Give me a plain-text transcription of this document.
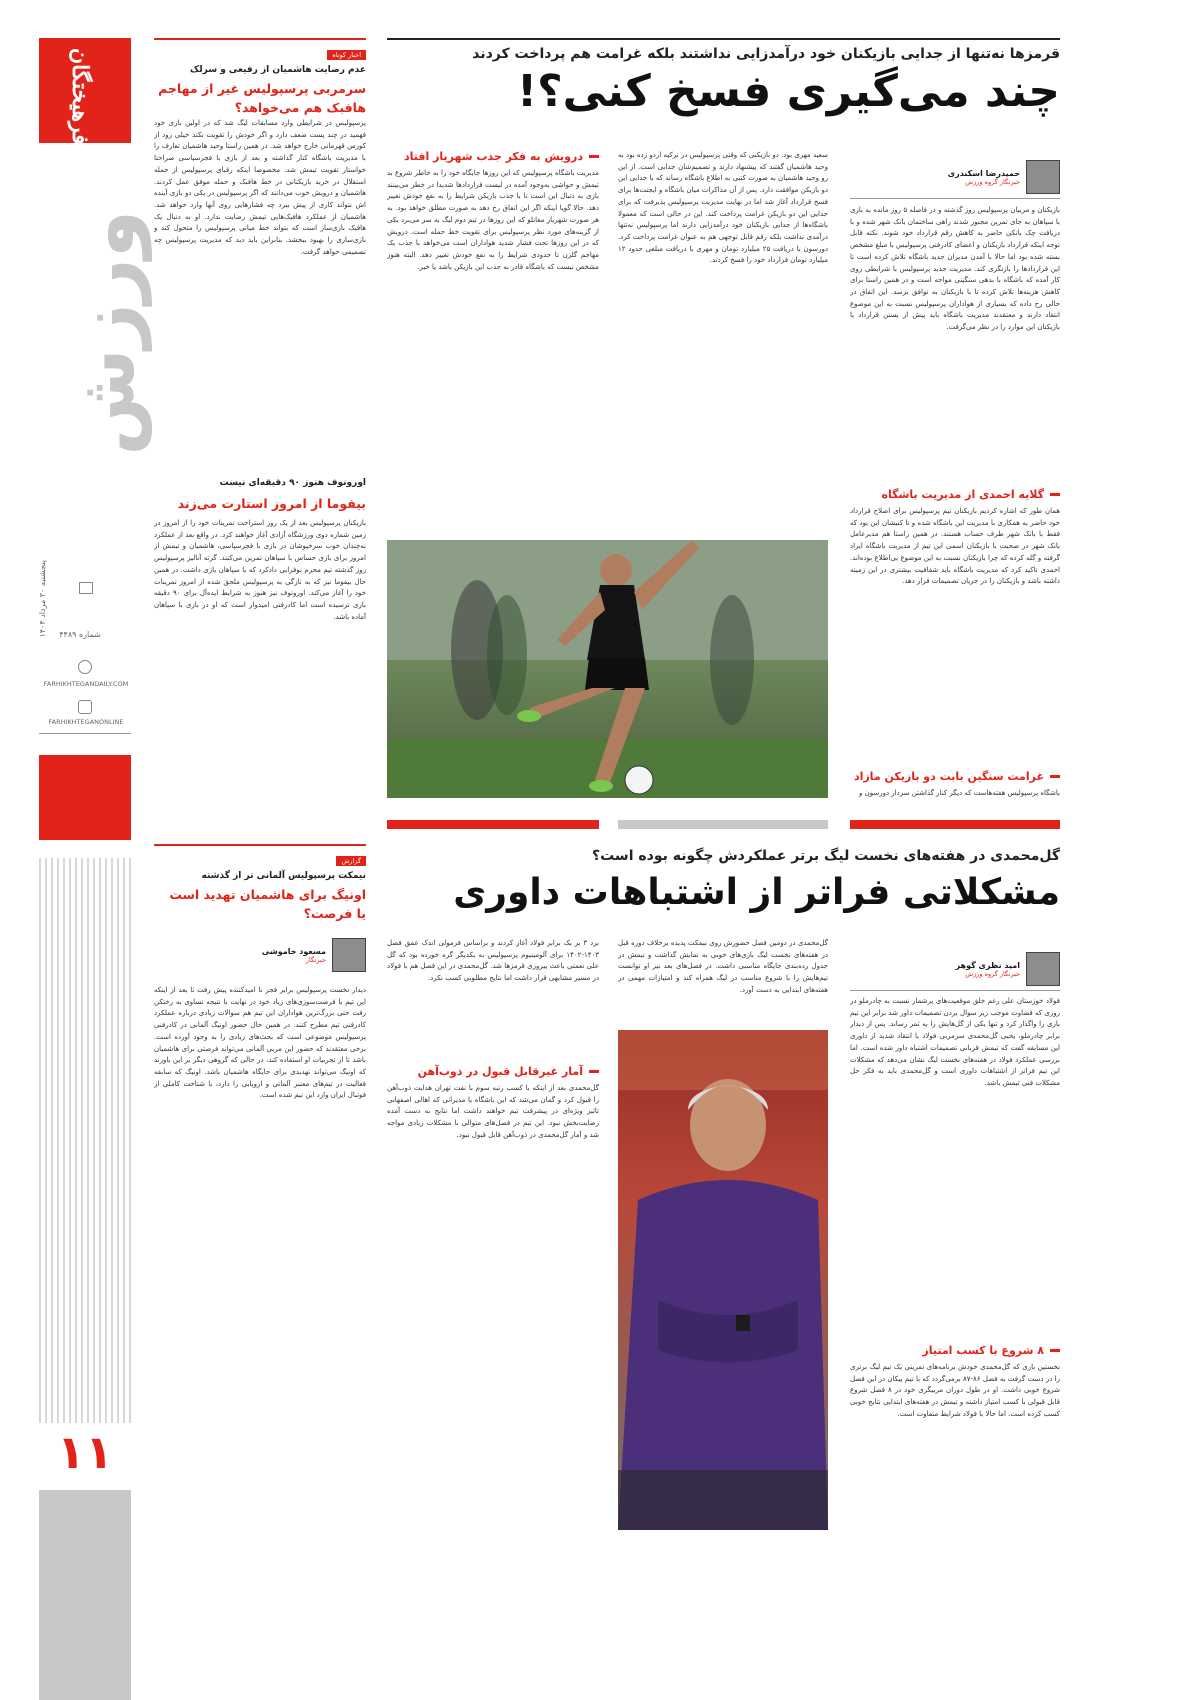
فرهیختگان
ورزش
پنجشنبه ۳۰ مرداد ۱۴۰۴
شماره ۴۴۸۹
FARHIKHTEGANDAILY.COM
FARHIKHTEGANONLINE
۱۱
اخبار کوتاه
عدم رضایت هاشمیان از رفیعی و سرلک
سرمربی پرسپولیس غیر از مهاجم
هافبک هم می‌خواهد؟
پرسپولیس در شرایطی وارد مسابقات لیگ شد که در اولین بازی خود فهمید در چند پست ضعف دارد و اگر خودش را تقویت نکند خیلی زود از کورس قهرمانی خارج خواهد شد. در همین راستا وحید هاشمیان تعارف را با مدیریت باشگاه کنار گذاشته و بعد از بازی با فجرسپاسی صراحتا خواستار تقویت تیمش شد. مخصوصا اینکه رقبای پرسپولیس از جمله استقلال در خرید بازیکنانی در خط هافبک و حمله موفق عمل کردند. هاشمیان و درویش خوب می‌دانند که اگر پرسپولیس در یکی دو بازی آینده اش نتواند کاری از پیش ببرد چه فشارهایی روی آنها وارد خواهد شد. هاشمیان از عملکرد هافبک‌هایی تیمش رضایت ندارد. او به دنبال یک هافبک بازی‌ساز است که بتواند خط میانی پرسپولیس را متحول کند و بازی‌سازی را بهبود ببخشد. بنابراین باید دید که مدیریت پرسپولیس چه تصمیمی خواهد گرفت.
اورونوف هنوز ۹۰ دقیقه‌ای نیست
بیفوما از امروز استارت می‌زند
بازیکنان پرسپولیس بعد از یک روز استراحت تمرینات خود را از امروز در زمین شماره دوی ورزشگاه آزادی آغاز خواهند کرد. در واقع بعد از عملکرد نه‌چندان خوب سرخپوشان در بازی با فجرسپاسی، هاشمیان و تیمش از امروز برای بازی حساس با سپاهان تمرین می‌کنند. گرته آنالیز پرسپولیس روز گذشته تیم محرم نوفرایی دادکرد که با سپاهان بازی داشت. در همین حال بیفوما نیز که به تازگی به پرسپولیس ملحق شده از امروز تمرینات خود را آغاز می‌کند. اورونوف نیز هنوز به شرایط ایده‌آل برای ۹۰ دقیقه بازی نرسیده است اما کادرفنی امیدوار است که او در بازی با سپاهان آماده باشد.
قرمزها نه‌تنها از جدایی بازیکنان خود درآمدزایی نداشتند بلکه غرامت هم پرداخت کردند
چند می‌گیری فسخ کنی؟!
حمیدرضا اسکندری
خبرنگار گروه ورزش
بازیکنان و مربیان پرسپولیس روز گذشته و در فاصله ۵ روز مانده به بازی با سپاهان به جای تمرین مجبور شدند راهی ساختمان بانک شهر شده و با دریافت چک بانکی حاضر به کاهش رقم قرارداد خود شوند. نکته قابل توجه اینکه قرارداد بازیکنان و اعضای کادرفنی پرسپولیس با مبلغ مشخص بسته شده بود اما حالا با آمدن مدیران جدید باشگاه تلاش کرده است تا این قراردادها را بازنگری کند. مدیریت جدید پرسپولیس با شرایطی روی کار آمده که باشگاه با بدهی سنگینی مواجه است و در همین راستا برای کاهش هزینه‌ها تلاش کرده تا با بازیکنان به توافق برسد. این اتفاق در حالی رخ داده که بسیاری از هواداران پرسپولیس نسبت به این موضوع انتقاد دارند و معتقدند مدیریت باشگاه باید پیش از بستن قرارداد با بازیکنان این موارد را در نظر می‌گرفت.
گلایه احمدی از مدیریت باشگاه
همان طور که اشاره کردیم بازیکنان تیم پرسپولیس برای اصلاح قرارداد خود حاضر به همکاری با مدیریت این باشگاه شده و تا کنیشان این بود که فقط با بانک شهر طرف حساب هستند. در همین راستا هم مدیرعامل بانک شهر در صحبت با بازیکنان اسمی این تیم از مدیریت باشگاه ایراد گرفته و گله کرده که چرا بازیکنان نسبت به این موضوع بی‌اطلاع بوده‌اند. احمدی تاکید کرد که مدیریت باشگاه باید شفافیت بیشتری در این زمینه داشته باشد و بازیکنان را در جریان تصمیمات قرار دهد.
غرامت سنگین بابت دو بازیکن مازاد
باشگاه پرسپولیس هفته‌هاست که دیگر کنار گذاشتن سردار دورسون و
سعید مهری بود. دو بازیکنی که وقتی پرسپولیس در ترکیه اردو زده بود به وحید هاشمیان گفتند که پیشنهاد دارند و تصمیم‌شان جدایی است. از این رو وحید هاشمیان به صورت کتبی به اطلاع باشگاه رساند که با جدایی این دو بازیکن موافقت دارد. پس از آن مذاکرات میان باشگاه و ایجنت‌ها برای فسخ قرارداد آغاز شد اما در نهایت مدیریت پرسپولیس پذیرفت که برای جدایی این دو بازیکن غرامت پرداخت کند. این در حالی است که معمولا باشگاه‌ها از جدایی بازیکنان خود درآمدزایی دارند اما پرسپولیس نه‌تنها درآمدی نداشت بلکه رقم قابل توجهی هم به عنوان غرامت پرداخت کرد. دورسون با دریافت ۲۵ میلیارد تومان و مهری با دریافت مبلغی حدود ۱۲ میلیارد تومان قرارداد خود را فسخ کردند.
درویش به فکر جذب شهریار افتاد
مدیریت باشگاه پرسپولیس که این روزها جایگاه خود را به خاطر شروع بد تیمش و حواشی به‌وجود آمده در لیست قراردادها شدیدا در خطر می‌بینند بازی به دنبال این است تا با جذب بازیکن شرایط را به نفع خودش تغییر دهد. حالا گویا اینکه اگر این اتفاق رخ دهد به صورت مطلق خواهد بود. به هر صورت شهریار مغانلو که این روزها در تیم دوم لیگ به سر می‌برد یکی از گزینه‌های مورد نظر پرسپولیس برای تقویت خط حمله است. درویش که در این روزها تحت فشار شدید هواداران است می‌خواهد با جذب یک مهاجم گلزن تا حدودی شرایط را به نفع خودش تغییر دهد. البته هنوز مشخص نیست که باشگاه قادر به جذب این بازیکن باشد یا خیر.
گزارش
نیمکت پرسپولیس آلمانی تر از گذشته
اونیگ برای هاشمیان تهدید است
یا فرصت؟
مسعود خاموشی
خبرنگار
دیدار نخست پرسپولیس برابر فجر نا امیدکننده پیش رفت تا بعد از اینکه این تیم با فرصت‌سوزی‌های زیاد خود در نهایت با نتیجه تساوی به رختکن رفت حتی بزرگ‌ترین هواداران این تیم هم سوالات زیادی درباره عملکرد کادرفنی تیم مطرح کنند. در همین حال حضور اونیگ آلمانی در کادرفنی پرسپولیس موضوعی است که بحث‌های زیادی را به وجود آورده است. برخی معتقدند که حضور این مربی آلمانی می‌تواند فرصتی برای هاشمیان باشد تا از تجربیات او استفاده کند، در حالی که گروهی دیگر بر این باورند که اونیگ می‌تواند تهدیدی برای جایگاه هاشمیان باشد. اونیگ که سابقه فعالیت در تیم‌های معتبر آلمانی و اروپایی را دارد، با شناخت کاملی از فوتبال ایران وارد این تیم شده است.
گل‌محمدی در هفته‌های نخست لیگ برتر عملکردش چگونه بوده است؟
مشکلاتی فراتر از اشتباهات داوری
امید نظری گوهر
خبرنگار گروه ورزش
فولاد خوزستان علی رغم خلق موقعیت‌های پرشمار نسبت به چادرملو در روزی که قضاوت موجب زیر سوال بردن تصمیمات داور شد برابر این تیم بازی را واگذار کرد و تنها یکی از گل‌هایش را به ثمر رساند. پس از دیدار برابر چادرملو، یحیی گل‌محمدی سرمربی فولاد با انتقاد شدید از داوری این مسابقه گفت که تیمش قربانی تصمیمات اشتباه داور شده است. اما بررسی عملکرد فولاد در هفته‌های نخست لیگ نشان می‌دهد که مشکلات این تیم فراتر از اشتباهات داوری است و گل‌محمدی باید به فکر حل مشکلات فنی تیمش باشد.
۸ شروع با کسب امتیاز
نخستین باری که گل‌محمدی خودش برنامه‌های تمرینی یک تیم لیگ برتری را در دست گرفت به فصل ۸۶-۸۷ برمی‌گردد که با تیم پیکان در این فصل شروع خوبی داشت. او در طول دوران مربیگری خود در ۸ فصل شروع قابل قبولی با کسب امتیاز داشته و تیمش در هفته‌های ابتدایی نتایج خوبی کسب کرده است. اما حالا با فولاد شرایط متفاوت است.
گل‌محمدی در دومین فصل حضورش روی نیمکت پدیده برخلاف دوره قبل در هفته‌های نخست لیگ بازی‌های خوبی به نمایش گذاشت و تیمش در جدول رده‌بندی جایگاه مناسبی داشت. در فصل‌های بعد نیز او توانست تیم‌هایش را با شروع مناسب در لیگ همراه کند و امتیازات مهمی در هفته‌های ابتدایی به دست آورد.
برد ۳ بر یک برابر فولاد آغاز کردند و براساس فرمولی اندک عمق فصل ۱۴۰۳-۱۴۰۲ برای آلومینیوم پرسپولیس به یکدیگر گره خورده بود که گل علی نعمتی باعث پیروزی قرمزها شد. گل‌محمدی در این فصل هم با فولاد در مسیر مشابهی قرار داشت اما نتایج مطلوبی کسب نکرد.
آمار غیرقابل قبول در ذوب‌آهن
گل‌محمدی بعد از اینکه با کسب رتبه سوم با نفت تهران هدایت ذوب‌آهن را قبول کرد و گمان می‌شد که این باشگاه با مدیرانی که اهالی اصفهانی تاثیر ویژه‌ای در پیشرفت تیم خواهند داشت اما نتایج به دست آمده رضایت‌بخش نبود. این تیم در فصل‌های متوالی با مشکلات زیادی مواجه شد و آمار گل‌محمدی در ذوب‌آهن قابل قبول نبود.
